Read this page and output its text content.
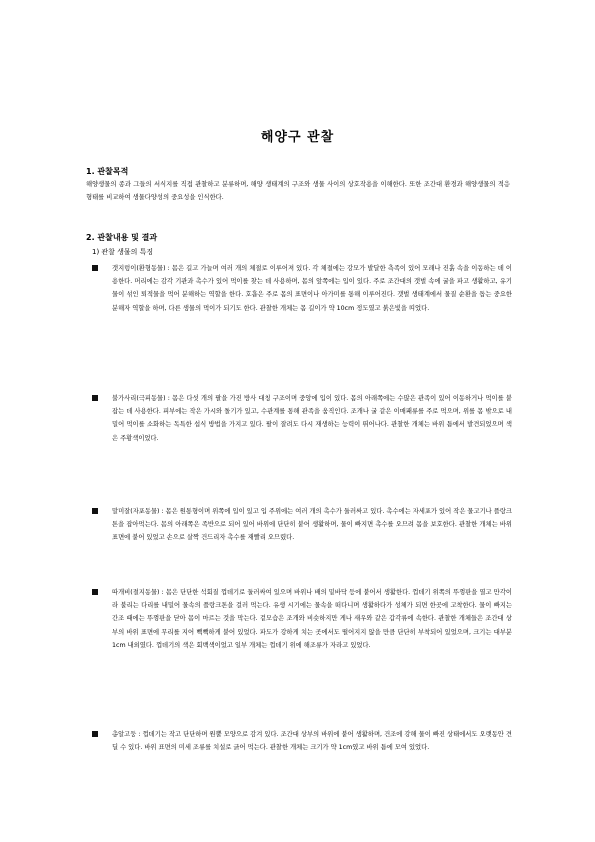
해양구 관찰
1. 관찰목적
해양생물의 종과 그들의 서식지를 직접 관찰하고 분류하며, 해양 생태계의 구조와 생물 사이의 상호작용을 이해한다. 또한 조간대 환경과 해양생물의 적응 형태를 비교하여 생물다양성의 중요성을 인식한다.
2. 관찰내용 및 결과
1) 관찰 생물의 특징
갯지렁이(환형동물) : 몸은 길고 가늘며 여러 개의 체절로 이루어져 있다. 각 체절에는 강모가 발달한 측족이 있어 모래나 진흙 속을 이동하는 데 이용한다. 머리에는 감각 기관과 촉수가 있어 먹이를 찾는 데 사용하며, 몸의 앞쪽에는 입이 있다. 주로 조간대의 갯벌 속에 굴을 파고 생활하고, 유기물이 섞인 퇴적물을 먹어 분해하는 역할을 한다. 호흡은 주로 몸의 표면이나 아가미를 통해 이루어진다. 갯벌 생태계에서 물질 순환을 돕는 중요한 분해자 역할을 하며, 다른 생물의 먹이가 되기도 한다. 관찰한 개체는 몸 길이가 약 10cm 정도였고 붉은빛을 띠었다.
불가사리(극피동물) : 몸은 다섯 개의 팔을 가진 방사 대칭 구조이며 중앙에 입이 있다. 몸의 아래쪽에는 수많은 관족이 있어 이동하거나 먹이를 붙잡는 데 사용한다. 피부에는 작은 가시와 돌기가 있고, 수관계를 통해 관족을 움직인다. 조개나 굴 같은 이매패류를 주로 먹으며, 위를 몸 밖으로 내밀어 먹이를 소화하는 독특한 섭식 방법을 가지고 있다. 팔이 잘려도 다시 재생하는 능력이 뛰어나다. 관찰한 개체는 바위 틈에서 발견되었으며 색은 주황색이었다.
말미잘(자포동물) : 몸은 원통형이며 위쪽에 입이 있고 입 주위에는 여러 개의 촉수가 둘러싸고 있다. 촉수에는 자세포가 있어 작은 물고기나 플랑크톤을 잡아먹는다. 몸의 아래쪽은 족반으로 되어 있어 바위에 단단히 붙어 생활하며, 물이 빠지면 촉수를 오므려 몸을 보호한다. 관찰한 개체는 바위 표면에 붙어 있었고 손으로 살짝 건드리자 촉수를 재빨리 오므렸다.
따개비(절지동물) : 몸은 단단한 석회질 껍데기로 둘러싸여 있으며 바위나 배의 밑바닥 등에 붙어서 생활한다. 껍데기 위쪽의 뚜껑판을 열고 만각이라 불리는 다리를 내밀어 물속의 플랑크톤을 걸러 먹는다. 유생 시기에는 물속을 떠다니며 생활하다가 성체가 되면 한곳에 고착한다. 물이 빠지는 간조 때에는 뚜껑판을 닫아 몸이 마르는 것을 막는다. 겉모습은 조개와 비슷하지만 게나 새우와 같은 갑각류에 속한다. 관찰한 개체들은 조간대 상부의 바위 표면에 무리를 지어 빽빽하게 붙어 있었다. 파도가 강하게 치는 곳에서도 떨어지지 않을 만큼 단단히 부착되어 있었으며, 크기는 대부분 1cm 내외였다. 껍데기의 색은 회백색이었고 일부 개체는 껍데기 위에 해조류가 자라고 있었다.
총알고둥 : 껍데기는 작고 단단하며 원뿔 모양으로 감겨 있다. 조간대 상부의 바위에 붙어 생활하며, 건조에 강해 물이 빠진 상태에서도 오랫동안 견딜 수 있다. 바위 표면의 미세 조류를 치설로 긁어 먹는다. 관찰한 개체는 크기가 약 1cm였고 바위 틈에 모여 있었다.
